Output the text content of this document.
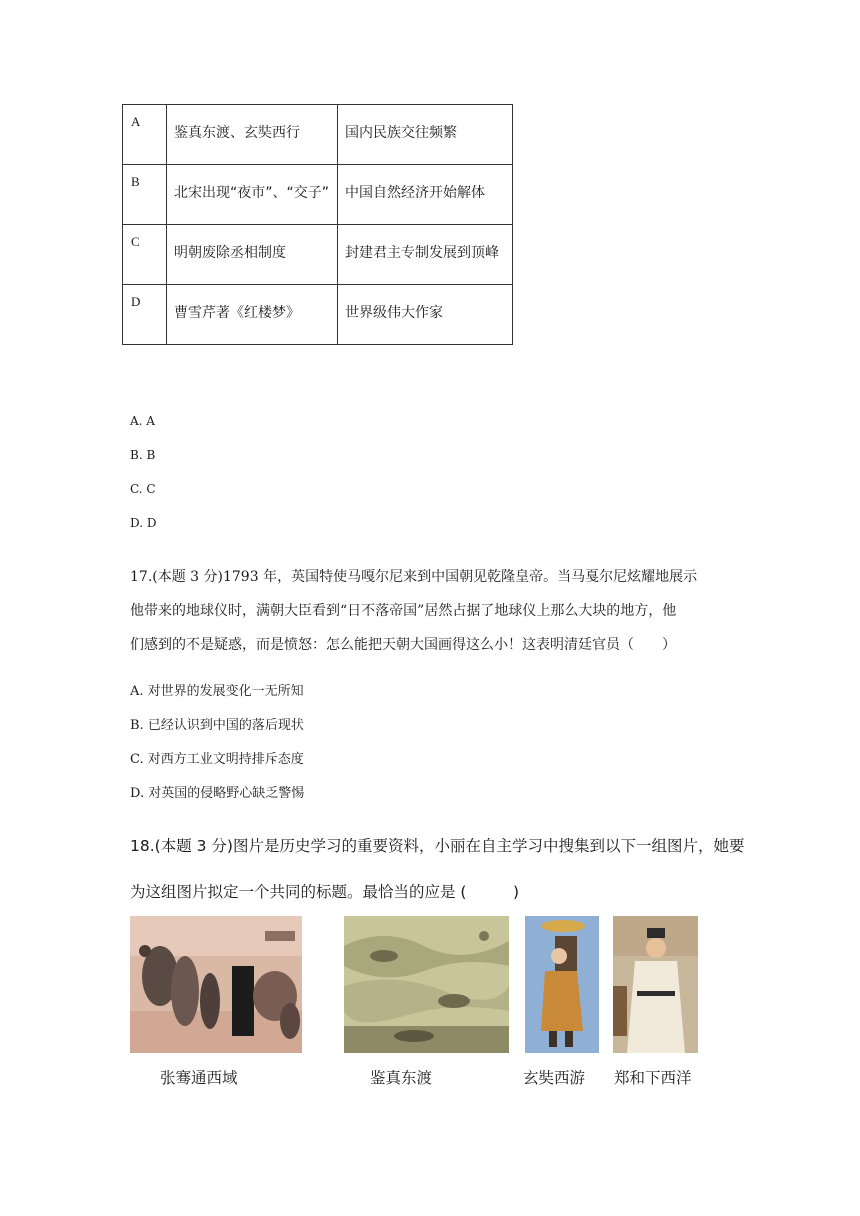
A	鉴真东渡、玄奘西行	国内民族交往频繁

B	北宋出现“夜市”、“交子”	中国自然经济开始解体

C	明朝废除丞相制度	封建君主专制发展到顶峰

D	曹雪芹著《红楼梦》	世界级伟大作家
A. A
B. B
C. C
D. D

17.(本题 3 分)1793 年，英国特使马嘎尔尼来到中国朝见乾隆皇帝。当马戛尔尼炫耀地展示

他带来的地球仪时，满朝大臣看到“日不落帝国”居然占据了地球仪上那么大块的地方，他

们感到的不是疑惑，而是愤怒：怎么能把天朝大国画得这么小！这表明清廷官员（　　）

A. 对世界的发展变化一无所知
B. 已经认识到中国的落后现状
C. 对西方工业文明持排斥态度
D. 对英国的侵略野心缺乏警惕
18.(本题 3 分)图片是历史学习的重要资料，小丽在自主学习中搜集到以下一组图片，她要
为这组图片拟定一个共同的标题。最恰当的应是 (　　　)
张骞通西域	鉴真东渡	玄奘西游 郑和下西洋
